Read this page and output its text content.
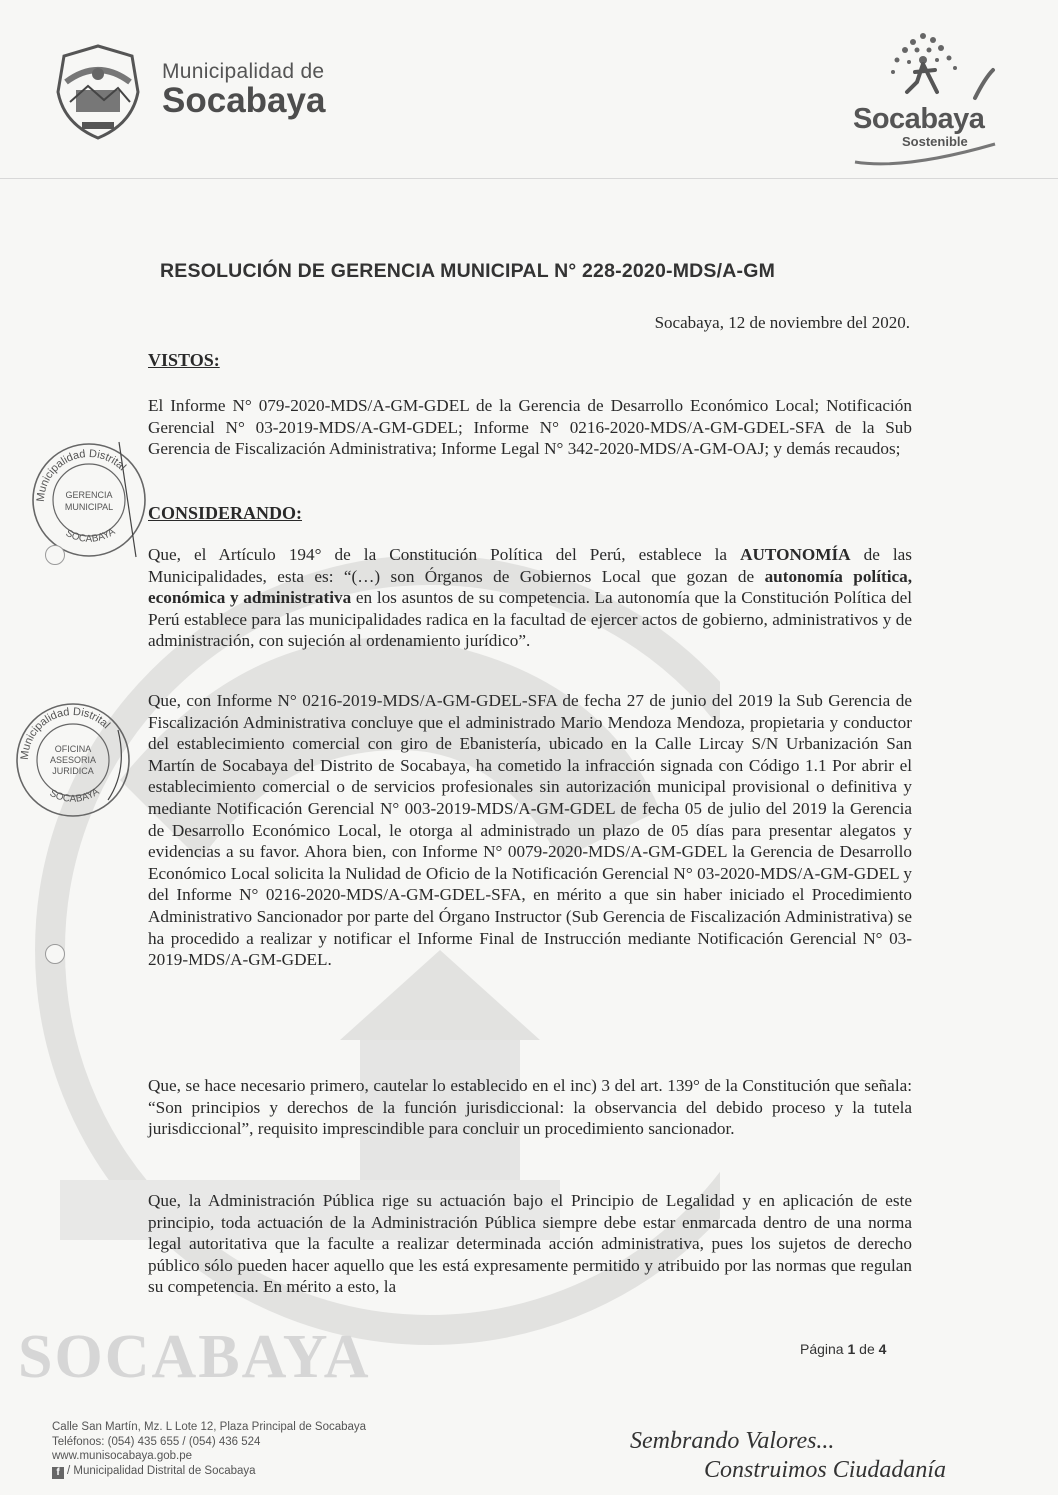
SOCABAYA
Municipalidad de
Socabaya	Socabaya
Sostenible
RESOLUCIÓN DE GERENCIA MUNICIPAL N° 228-2020-MDS/A-GM
Socabaya, 12 de noviembre del 2020.
VISTOS:
El Informe N° 079-2020-MDS/A-GM-GDEL de la Gerencia de Desarrollo Económico Local; Notificación Gerencial N° 03-2019-MDS/A-GM-GDEL; Informe N° 0216-2020-MDS/A-GM-GDEL-SFA de la Sub Gerencia de Fiscalización Administrativa; Informe Legal N° 342-2020-MDS/A-GM-OAJ; y demás recaudos;
CONSIDERANDO:
Que, el Artículo 194° de la Constitución Política del Perú, establece la AUTONOMÍA de las Municipalidades, esta es: “(…) son Órganos de Gobiernos Local que gozan de autonomía política, económica y administrativa en los asuntos de su competencia. La autonomía que la Constitución Política del Perú establece para las municipalidades radica en la facultad de ejercer actos de gobierno, administrativos y de administración, con sujeción al ordenamiento jurídico”.
Que, con Informe N° 0216-2019-MDS/A-GM-GDEL-SFA de fecha 27 de junio del 2019 la Sub Gerencia de Fiscalización Administrativa concluye que el administrado Mario Mendoza Mendoza, propietaria y conductor del establecimiento comercial con giro de Ebanistería, ubicado en la Calle Lircay S/N Urbanización San Martín de Socabaya del Distrito de Socabaya, ha cometido la infracción signada con Código 1.1 Por abrir el establecimiento comercial o de servicios profesionales sin autorización municipal provisional o definitiva y mediante Notificación Gerencial N° 003-2019-MDS/A-GM-GDEL de fecha 05 de julio del 2019 la Gerencia de Desarrollo Económico Local, le otorga al administrado un plazo de 05 días para presentar alegatos y evidencias a su favor. Ahora bien, con Informe N° 0079-2020-MDS/A-GM-GDEL la Gerencia de Desarrollo Económico Local solicita la Nulidad de Oficio de la Notificación Gerencial N° 03-2020-MDS/A-GM-GDEL y del Informe N° 0216-2020-MDS/A-GM-GDEL-SFA, en mérito a que sin haber iniciado el Procedimiento Administrativo Sancionador por parte del Órgano Instructor (Sub Gerencia de Fiscalización Administrativa) se ha procedido a realizar y notificar el Informe Final de Instrucción mediante Notificación Gerencial N° 03-2019-MDS/A-GM-GDEL.
Que, se hace necesario primero, cautelar lo establecido en el inc) 3 del art. 139° de la Constitución que señala: “Son principios y derechos de la función jurisdiccional: la observancia del debido proceso y la tutela jurisdiccional”, requisito imprescindible para concluir un procedimiento sancionador.
Que, la Administración Pública rige su actuación bajo el Principio de Legalidad y en aplicación de este principio, toda actuación de la Administración Pública siempre debe estar enmarcada dentro de una norma legal autoritativa que la faculte a realizar determinada acción administrativa, pues los sujetos de derecho público sólo pueden hacer aquello que les está expresamente permitido y atribuido por las normas que regulan su competencia. En mérito a esto, la
Municipalidad Distrital
SOCABAYA
GERENCIA
MUNICIPAL
Municipalidad Distrital
SOCABAYA
OFICINA
ASESORIA
JURIDICA
Página 1 de 4
Calle San Martín, Mz. L Lote 12, Plaza Principal de Socabaya
Teléfonos: (054) 435 655 / (054) 436 524
www.munisocabaya.gob.pe
f / Municipalidad Distrital de Socabaya
Sembrando Valores...
Construimos Ciudadanía
